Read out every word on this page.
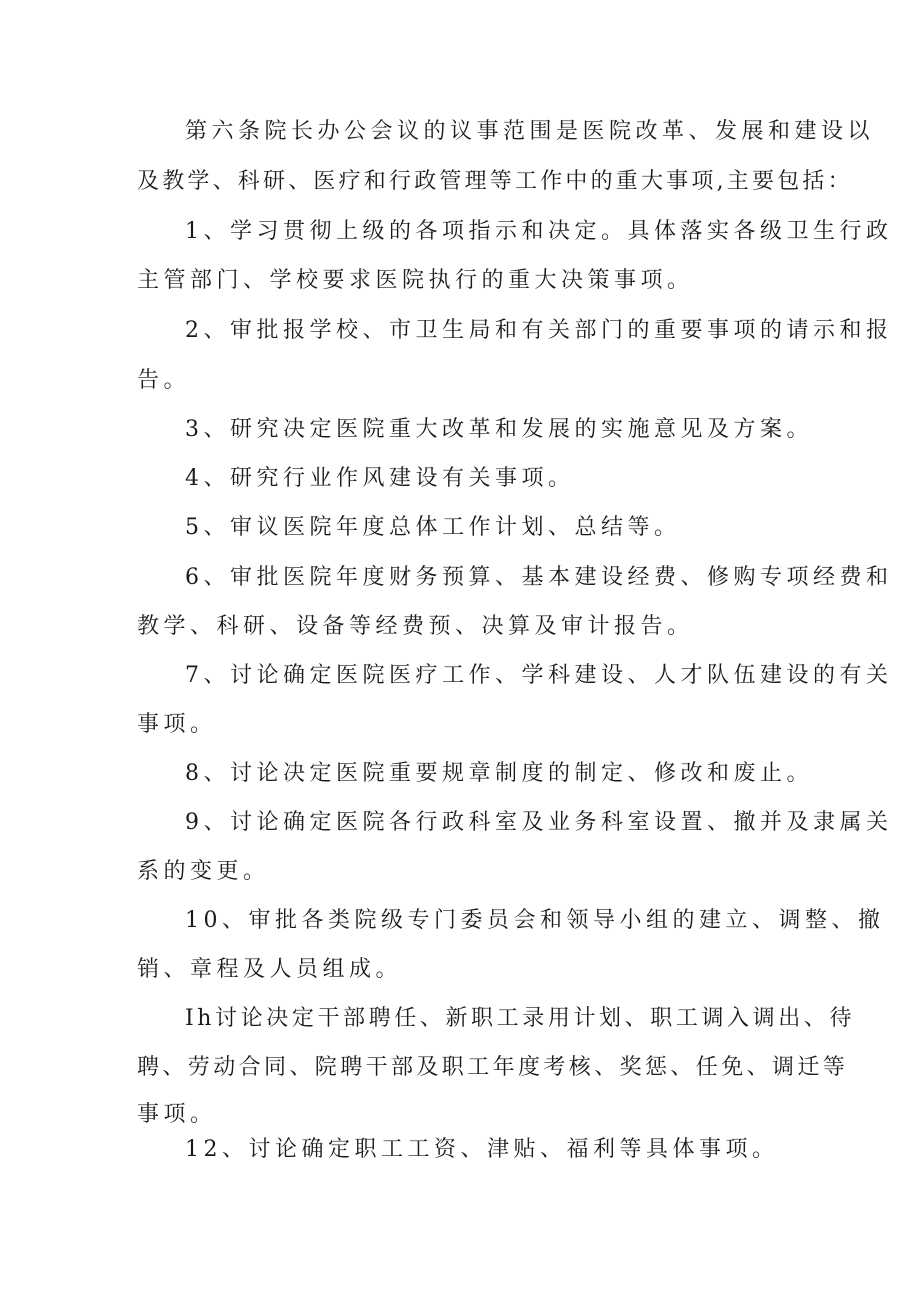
第六条院长办公会议的议事范围是医院改革、发展和建设以
及教学、科研、医疗和行政管理等工作中的重大事项,主要包括：
1、学习贯彻上级的各项指示和决定。具体落实各级卫生行政
主管部门、学校要求医院执行的重大决策事项。
2、审批报学校、市卫生局和有关部门的重要事项的请示和报
告。
3、研究决定医院重大改革和发展的实施意见及方案。
4、研究行业作风建设有关事项。
5、审议医院年度总体工作计划、总结等。
6、审批医院年度财务预算、基本建设经费、修购专项经费和
教学、科研、设备等经费预、决算及审计报告。
7、讨论确定医院医疗工作、学科建设、人才队伍建设的有关
事项。
8、讨论决定医院重要规章制度的制定、修改和废止。
9、讨论确定医院各行政科室及业务科室设置、撤并及隶属关
系的变更。
10、审批各类院级专门委员会和领导小组的建立、调整、撤
销、章程及人员组成。
Ih讨论决定干部聘任、新职工录用计划、职工调入调出、待
聘、劳动合同、院聘干部及职工年度考核、奖惩、任免、调迁等
事项。
12、讨论确定职工工资、津贴、福利等具体事项。
